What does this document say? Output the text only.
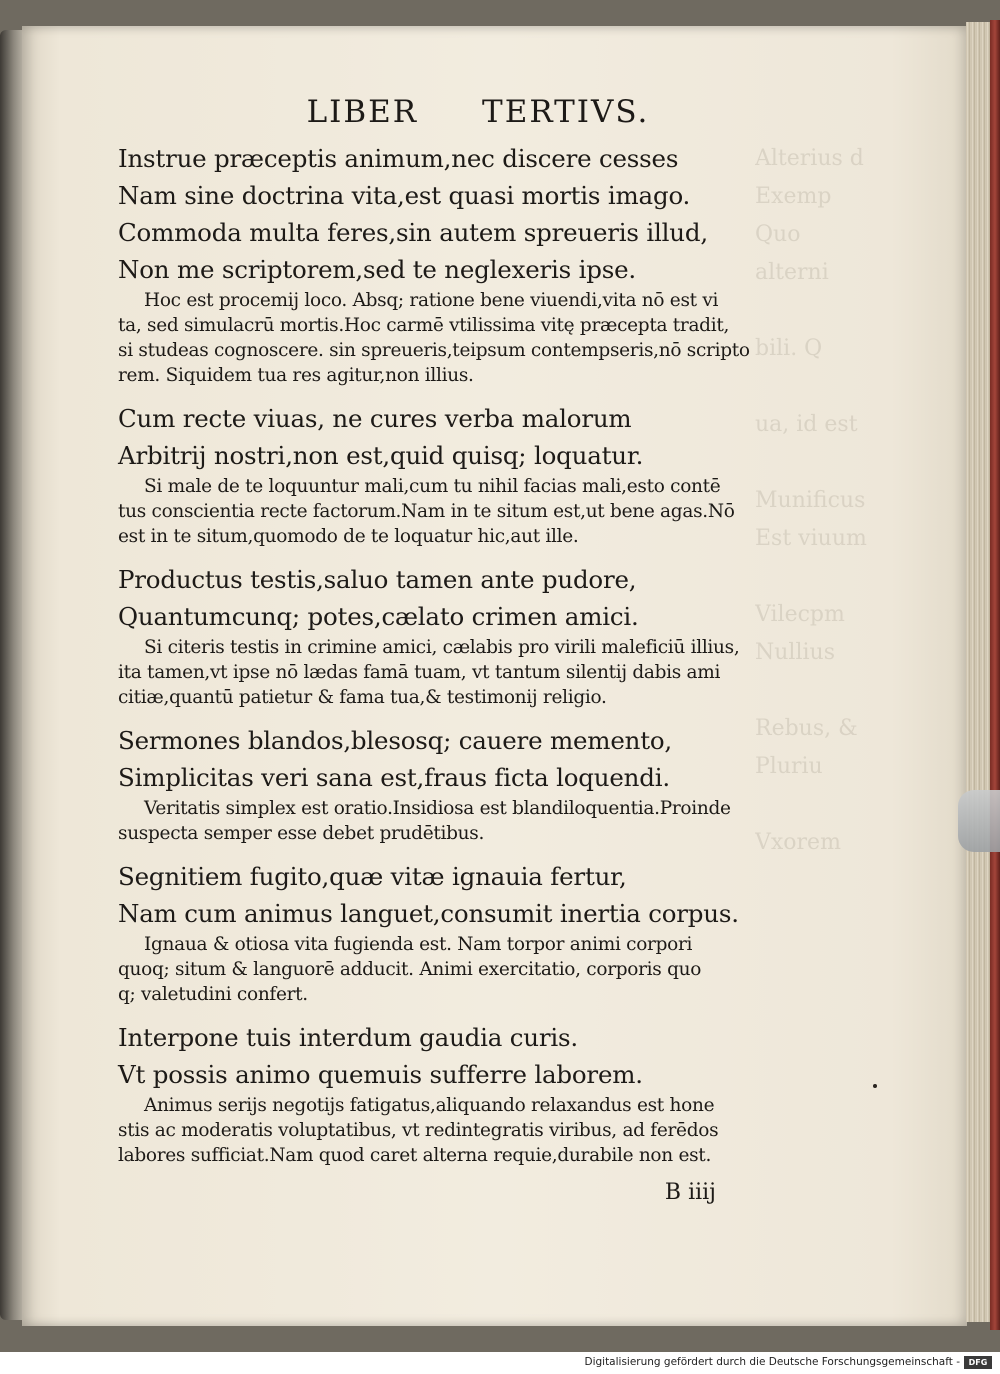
LIBER TERTIVS.
Instrue præceptis animum,nec discere cesses
Nam sine doctrina vita,est quasi mortis imago.
Commoda multa feres,sin autem spreueris illud,
Non me scriptorem,sed te neglexeris ipse.
Hoc est procemij loco. Absq; ratione bene viuendi,vita nō est vi
ta, sed simulacrū mortis.Hoc carmē vtilissima vitę præcepta tradit,
si studeas cognoscere. sin spreueris,teipsum contempseris,nō scripto
rem. Siquidem tua res agitur,non illius.
Cum recte viuas, ne cures verba malorum
Arbitrij nostri,non est,quid quisq; loquatur.
Si male de te loquuntur mali,cum tu nihil facias mali,esto contē
tus conscientia recte factorum.Nam in te situm est,ut bene agas.Nō
est in te situm,quomodo de te loquatur hic,aut ille.
Productus testis,saluo tamen ante pudore,
Quantumcunq; potes,cælato crimen amici.
Si citeris testis in crimine amici, cælabis pro virili maleficiū illius,
ita tamen,vt ipse nō lædas famā tuam, vt tantum silentij dabis ami
citiæ,quantū patietur & fama tua,& testimonij religio.
Sermones blandos,blesosq; cauere memento,
Simplicitas veri sana est,fraus ficta loquendi.
Veritatis simplex est oratio.Insidiosa est blandiloquentia.Proinde
suspecta semper esse debet prudētibus.
Segnitiem fugito,quæ vitæ ignauia fertur,
Nam cum animus languet,consumit inertia corpus.
Ignaua & otiosa vita fugienda est. Nam torpor animi corpori
quoq; situm & languorē adducit. Animi exercitatio, corporis quo
q; valetudini confert.
Interpone tuis interdum gaudia curis.
Vt possis animo quemuis sufferre laborem.
Animus serijs negotijs fatigatus,aliquando relaxandus est hone
stis ac moderatis voluptatibus, vt redintegratis viribus, ad ferēdos
labores sufficiat.Nam quod caret alterna requie,durabile non est.
B iiij
Digitalisierung gefördert durch die Deutsche Forschungsgemeinschaft -	DFG
